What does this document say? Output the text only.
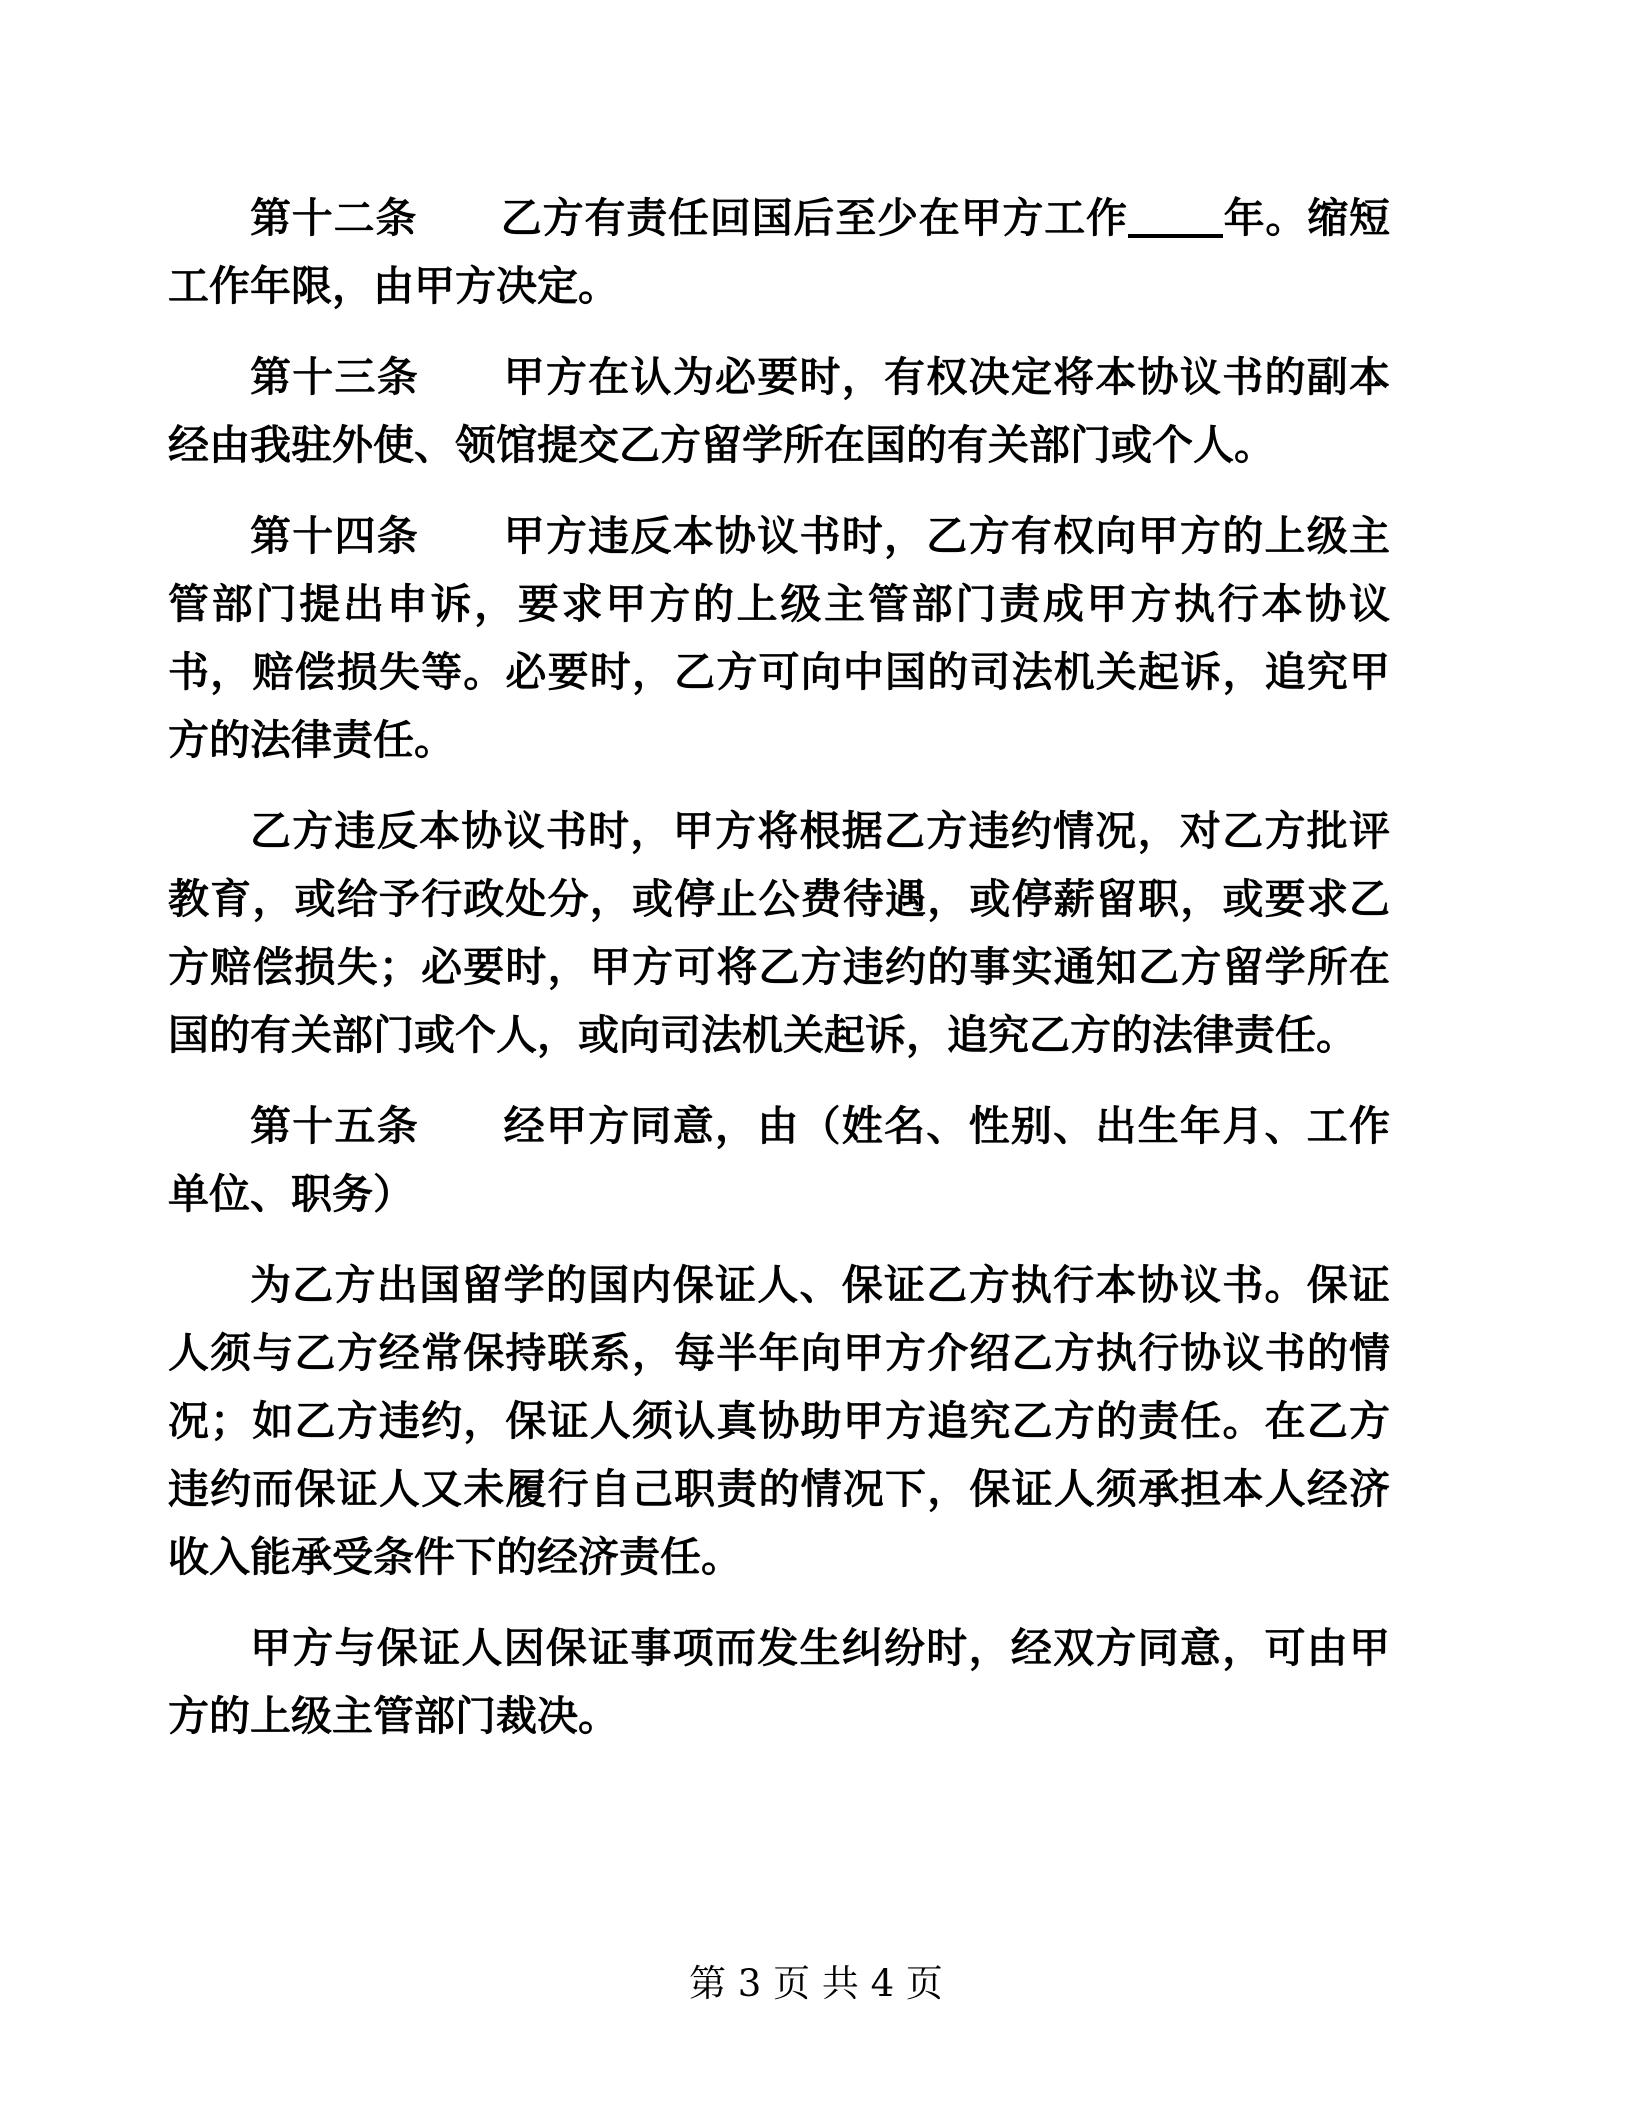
第十二条　　乙方有责任回国后至少在甲方工作 年。缩短工作年限，由甲方决定。

第十三条　　甲方在认为必要时，有权决定将本协议书的副本经由我驻外使、领馆提交乙方留学所在国的有关部门或个人。

第十四条　　甲方违反本协议书时，乙方有权向甲方的上级主管部门提出申诉，要求甲方的上级主管部门责成甲方执行本协议书，赔偿损失等。必要时，乙方可向中国的司法机关起诉，追究甲方的法律责任。

乙方违反本协议书时，甲方将根据乙方违约情况，对乙方批评教育，或给予行政处分，或停止公费待遇，或停薪留职，或要求乙方赔偿损失；必要时，甲方可将乙方违约的事实通知乙方留学所在国的有关部门或个人，或向司法机关起诉，追究乙方的法律责任。

第十五条　　经甲方同意，由（姓名、性别、出生年月、工作单位、职务）

为乙方出国留学的国内保证人、保证乙方执行本协议书。保证人须与乙方经常保持联系，每半年向甲方介绍乙方执行协议书的情况；如乙方违约，保证人须认真协助甲方追究乙方的责任。在乙方违约而保证人又未履行自己职责的情况下，保证人须承担本人经济收入能承受条件下的经济责任。

甲方与保证人因保证事项而发生纠纷时，经双方同意，可由甲方的上级主管部门裁决。

第 3 页 共 4 页
